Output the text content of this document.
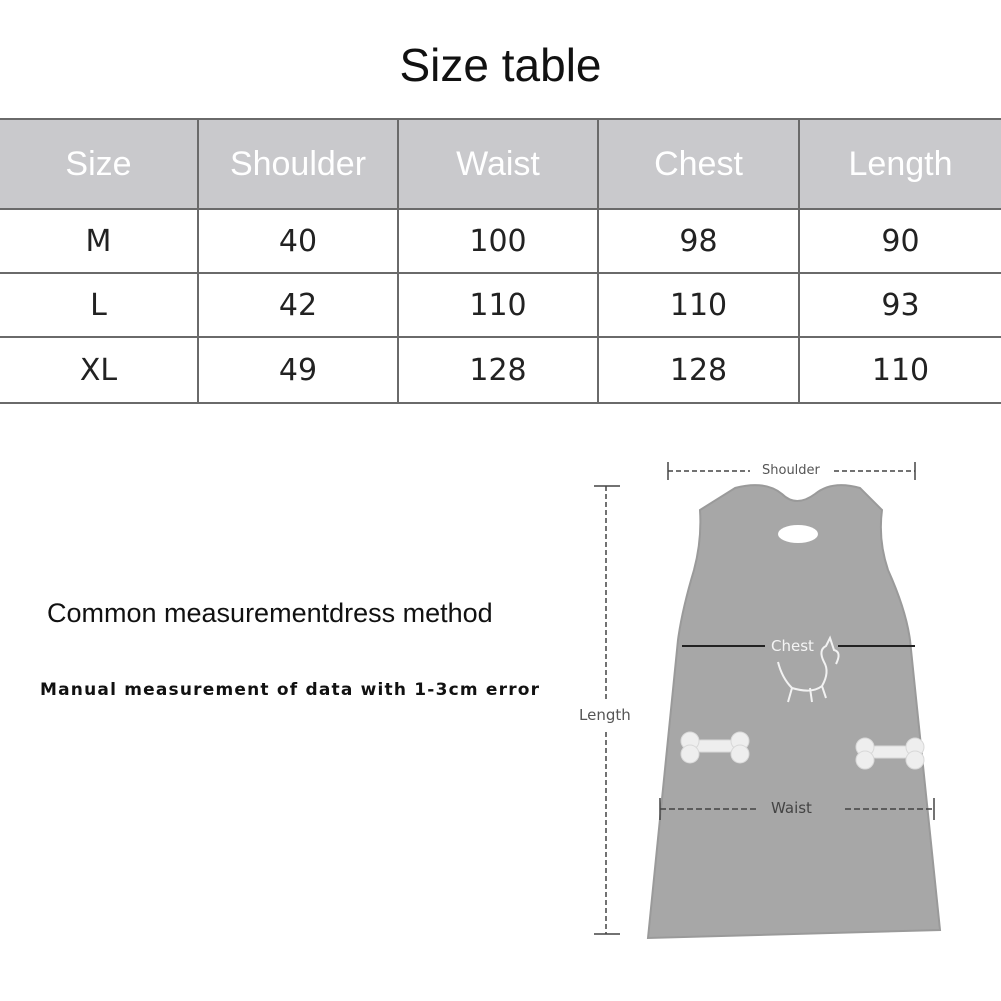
Size table
Size	Shoulder	Waist	Chest	Length
M	40	100	98	90
L	42	110	110	93
XL	49	128	128	110
Common measurementdress method
Manual measurement of data with 1-3cm error
Shoulder
Chest
Length
Waist
